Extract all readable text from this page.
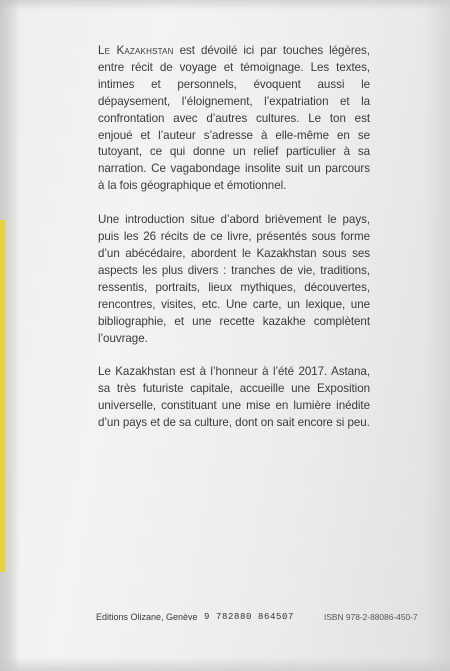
Le Kazakhstan est dévoilé ici par touches légères, entre récit de voyage et témoignage. Les textes, intimes et personnels, évoquent aussi le dépaysement, l’éloignement, l’expatriation et la confrontation avec d’autres cultures. Le ton est enjoué et l’auteur s’adresse à elle-même en se tutoyant, ce qui donne un relief particulier à sa narration. Ce vagabondage insolite suit un parcours à la fois géographique et émotionnel.

Une introduction situe d’abord brièvement le pays, puis les 26 récits de ce livre, présentés sous forme d’un abécédaire, abordent le Kazakhstan sous ses aspects les plus divers : tranches de vie, traditions, ressentis, portraits, lieux mythiques, découvertes, rencontres, visites, etc. Une carte, un lexique, une bibliographie, et une recette kazakhe complètent l’ouvrage.

Le Kazakhstan est à l’honneur à l’été 2017. Astana, sa très futuriste capitale, accueille une Exposition universelle, constituant une mise en lumière inédite d’un pays et de sa culture, dont on sait encore si peu.

Editions Olizane, Genève 9 782880 864507	ISBN 978-2-88086-450-7
